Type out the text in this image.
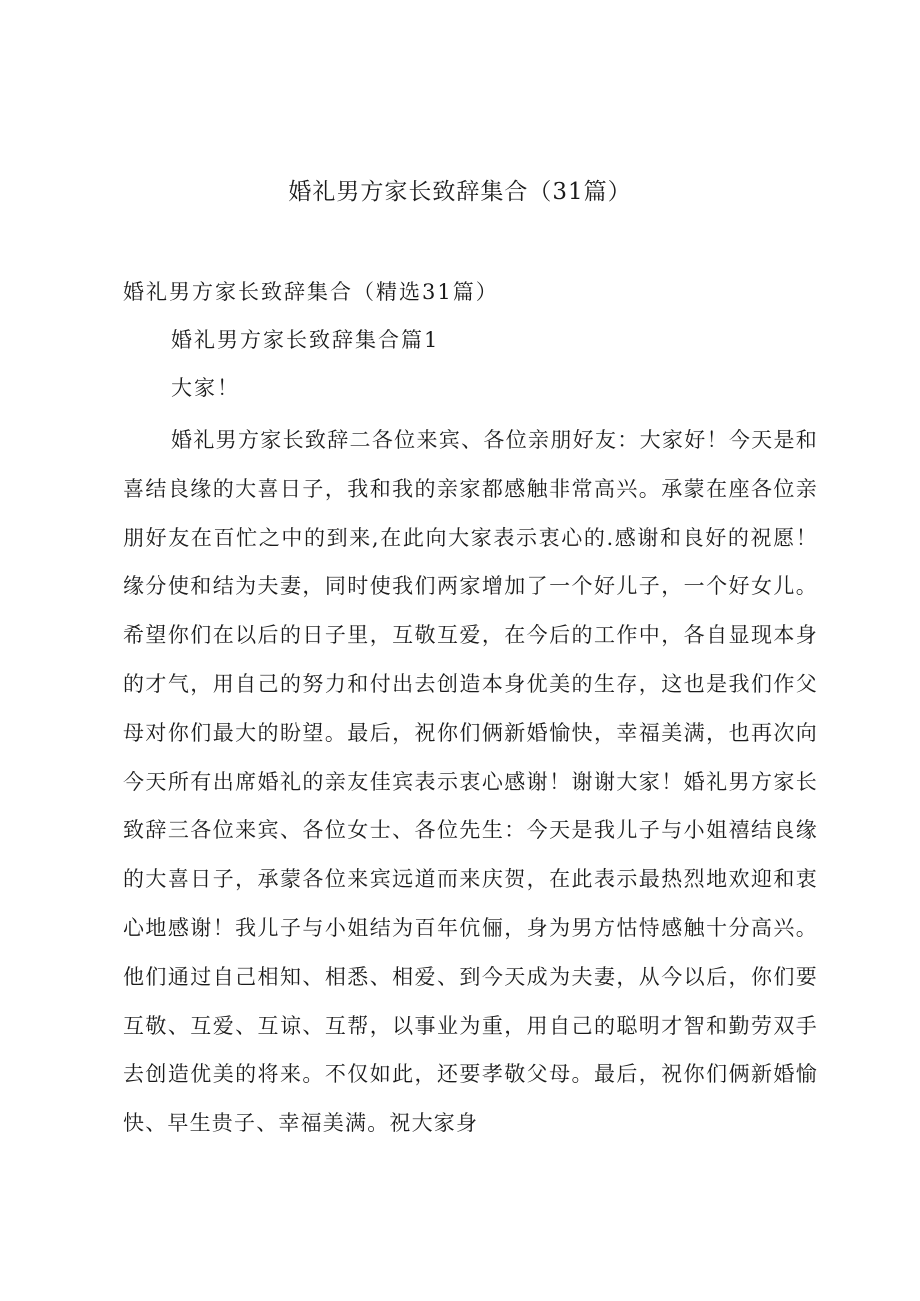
婚礼男方家长致辞集合（31篇）
婚礼男方家长致辞集合（精选31篇）
婚礼男方家长致辞集合篇1
大家！

婚礼男方家长致辞二各位来宾、各位亲朋好友：大家好！今天是和喜结良缘的大喜日子，我和我的亲家都感触非常高兴。承蒙在座各位亲朋好友在百忙之中的到来,在此向大家表示衷心的.感谢和良好的祝愿！缘分使和结为夫妻，同时使我们两家增加了一个好儿子，一个好女儿。希望你们在以后的日子里，互敬互爱，在今后的工作中，各自显现本身的才气，用自己的努力和付出去创造本身优美的生存，这也是我们作父母对你们最大的盼望。最后，祝你们俩新婚愉快，幸福美满，也再次向今天所有出席婚礼的亲友佳宾表示衷心感谢！谢谢大家！婚礼男方家长致辞三各位来宾、各位女士、各位先生：今天是我儿子与小姐禧结良缘的大喜日子，承蒙各位来宾远道而来庆贺，在此表示最热烈地欢迎和衷心地感谢！我儿子与小姐结为百年伉俪，身为男方怙恃感触十分高兴。他们通过自己相知、相悉、相爱、到今天成为夫妻，从今以后，你们要互敬、互爱、互谅、互帮，以事业为重，用自己的聪明才智和勤劳双手去创造优美的将来。不仅如此，还要孝敬父母。最后，祝你们俩新婚愉快、早生贵子、幸福美满。祝大家身
